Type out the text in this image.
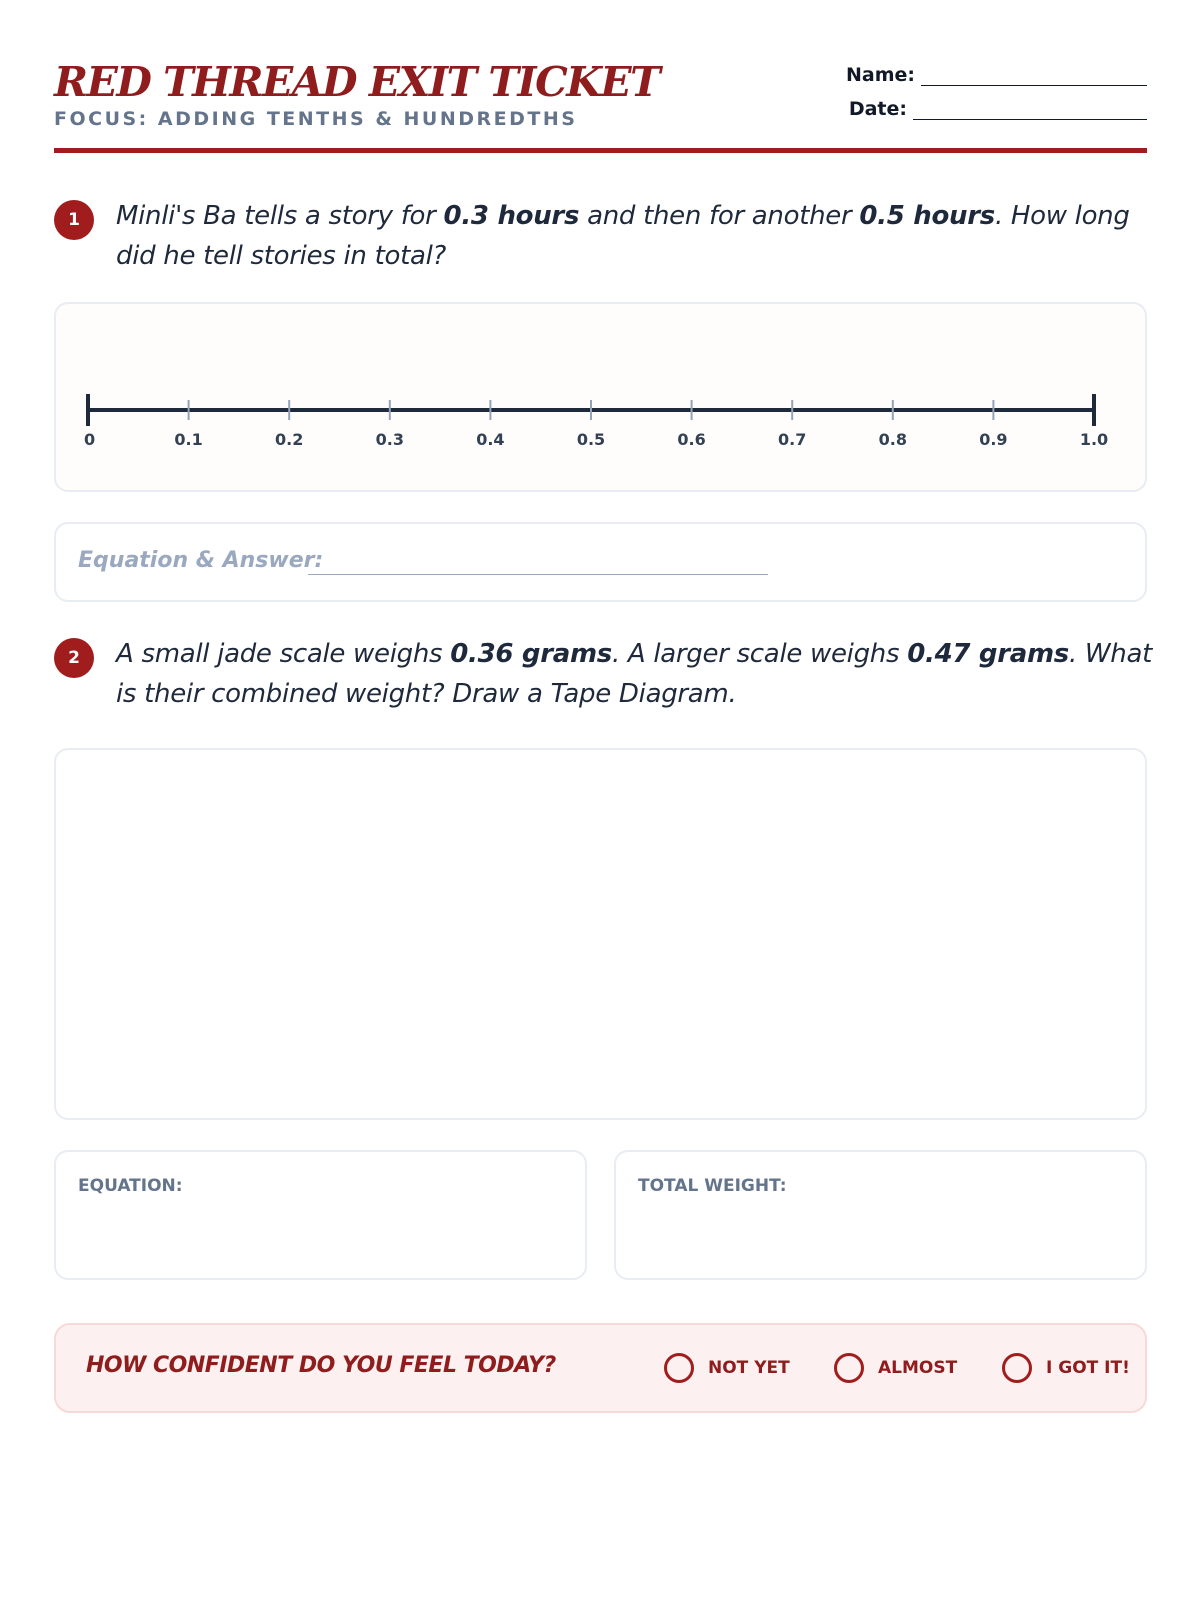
RED THREAD EXIT TICKET
FOCUS: ADDING TENTHS & HUNDREDTHS
Name:
Date:
1	Minli's Ba tells a story for 0.3 hours and then for another 0.5 hours. How long did he tell stories in total?
0	0.1	0.2	0.3	0.4	0.5	0.6	0.7	0.8	0.9	1.0
Equation & Answer:
2	A small jade scale weighs 0.36 grams. A larger scale weighs 0.47 grams. What is their combined weight? Draw a Tape Diagram.
EQUATION:	TOTAL WEIGHT:
HOW CONFIDENT DO YOU FEEL TODAY?	NOT YET	ALMOST	I GOT IT!
